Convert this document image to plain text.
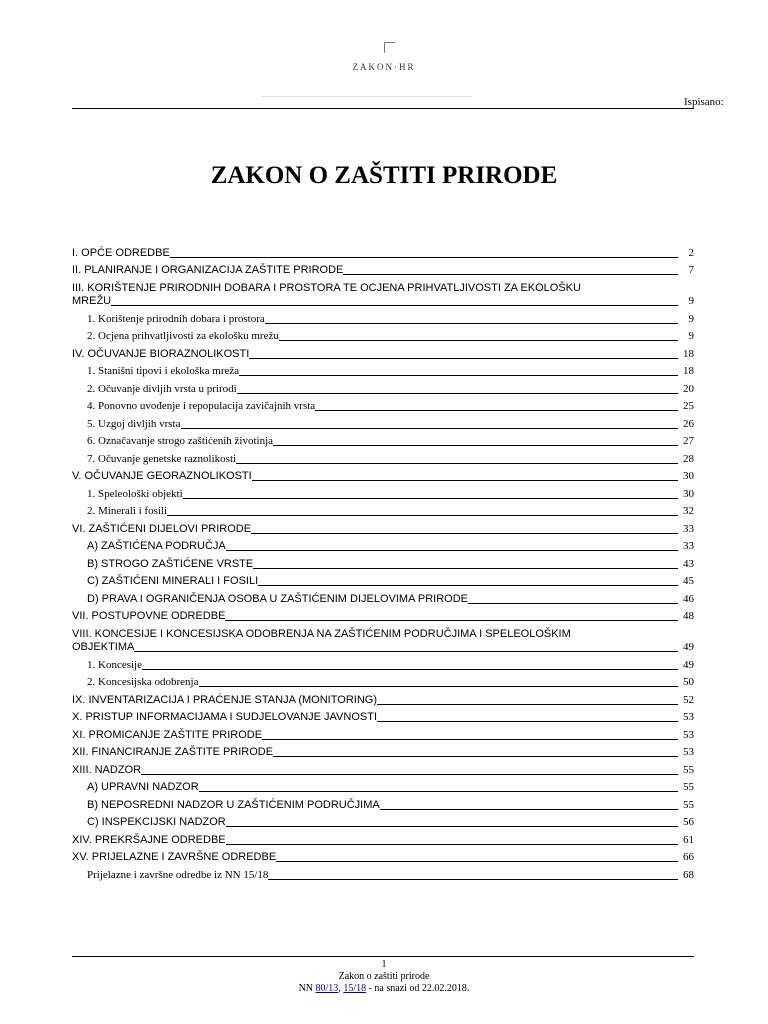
ZAKON·HR
Ispisano:
ZAKON O ZAŠTITI PRIRODE
I. OPĆE ODREDBE	2
II. PLANIRANJE I ORGANIZACIJA ZAŠTITE PRIRODE	7
III. KORIŠTENJE PRIRODNIH DOBARA I PROSTORA TE OCJENA PRIHVATLJIVOSTI ZA EKOLOŠKU
MREŽU	9
1. Korištenje prirodnih dobara i prostora	9
2. Ocjena prihvatljivosti za ekološku mrežu	9
IV. OČUVANJE BIORAZNOLIKOSTI	18
1. Stanišni tipovi i ekološka mreža	18
2. Očuvanje divljih vrsta u prirodi	20
4. Ponovno uvođenje i repopulacija zavičajnih vrsta	25
5. Uzgoj divljih vrsta	26
6. Označavanje strogo zaštićenih životinja	27
7. Očuvanje genetske raznolikosti	28
V. OČUVANJE GEORAZNOLIKOSTI	30
1. Speleološki objekti	30
2. Minerali i fosili	32
VI. ZAŠTIĆENI DIJELOVI PRIRODE	33
A) ZAŠTIĆENA PODRUČJA	33
B) STROGO ZAŠTIĆENE VRSTE	43
C) ZAŠTIĆENI MINERALI I FOSILI	45
D) PRAVA I OGRANIČENJA OSOBA U ZAŠTIĆENIM DIJELOVIMA PRIRODE	46
VII. POSTUPOVNE ODREDBE	48
VIII. KONCESIJE I KONCESIJSKA ODOBRENJA NA ZAŠTIĆENIM PODRUČJIMA I SPELEOLOŠKIM
OBJEKTIMA	49
1. Koncesije	49
2. Koncesijska odobrenja	50
IX. INVENTARIZACIJA I PRAĆENJE STANJA (MONITORING)	52
X. PRISTUP INFORMACIJAMA I SUDJELOVANJE JAVNOSTI	53
XI. PROMICANJE ZAŠTITE PRIRODE	53
XII. FINANCIRANJE ZAŠTITE PRIRODE	53
XIII. NADZOR	55
A) UPRAVNI NADZOR	55
B) NEPOSREDNI NADZOR U ZAŠTIĆENIM PODRUČJIMA	55
C) INSPEKCIJSKI NADZOR	56
XIV. PREKRŠAJNE ODREDBE	61
XV. PRIJELAZNE I ZAVRŠNE ODREDBE	66
Prijelazne i završne odredbe iz NN 15/18	68
1
Zakon o zaštiti prirode
NN 80/13, 15/18 - na snazi od 22.02.2018.
